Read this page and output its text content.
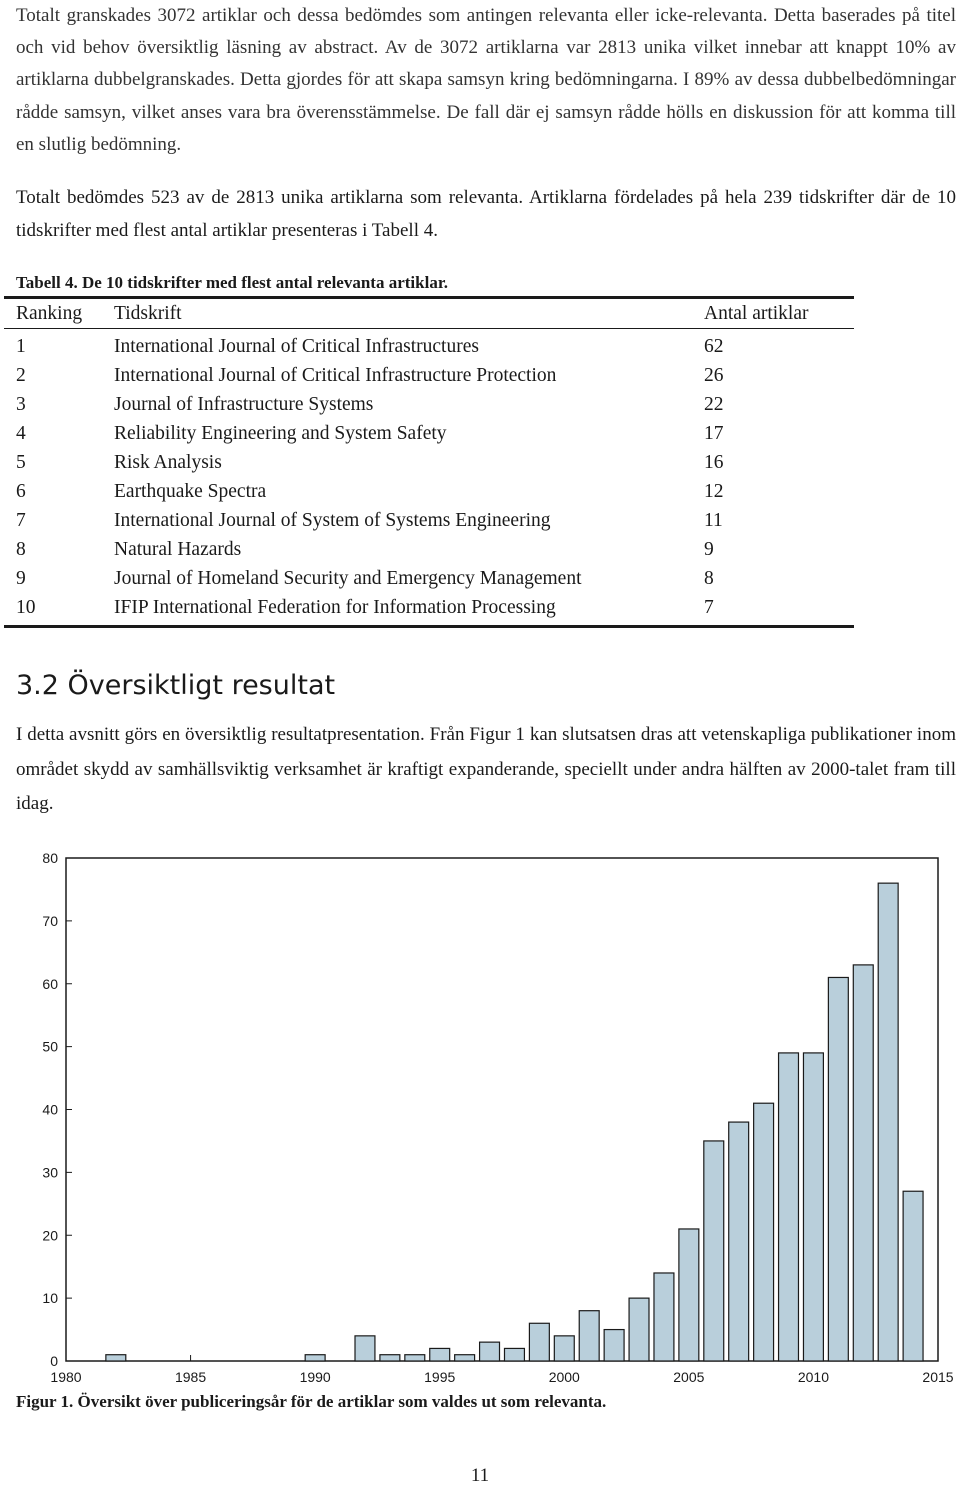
Totalt granskades 3072 artiklar och dessa bedömdes som antingen relevanta eller icke-relevanta. Detta baserades på titel och vid behov översiktlig läsning av abstract. Av de 3072 artiklarna var 2813 unika vilket innebar att knappt 10% av artiklarna dubbelgranskades. Detta gjordes för att skapa samsyn kring bedömningarna. I 89% av dessa dubbelbedömningar rådde samsyn, vilket anses vara bra överensstämmelse. De fall där ej samsyn rådde hölls en diskussion för att komma till en slutlig bedömning.

Totalt bedömdes 523 av de 2813 unika artiklarna som relevanta. Artiklarna fördelades på hela 239 tidskrifter där de 10 tidskrifter med flest antal artiklar presenteras i Tabell 4.

Tabell 4. De 10 tidskrifter med flest antal relevanta artiklar.

Ranking	Tidskrift	Antal artiklar
1	International Journal of Critical Infrastructures	62
2	International Journal of Critical Infrastructure Protection	26
3	Journal of Infrastructure Systems	22
4	Reliability Engineering and System Safety	17
5	Risk Analysis	16
6	Earthquake Spectra	12
7	International Journal of System of Systems Engineering	11
8	Natural Hazards	9
9	Journal of Homeland Security and Emergency Management	8
10	IFIP International Federation for Information Processing	7
3.2 Översiktligt resultat

I detta avsnitt görs en översiktlig resultatpresentation. Från Figur 1 kan slutsatsen dras att vetenskapliga publikationer inom området skydd av samhällsviktig verksamhet är kraftigt expanderande, speciellt under andra hälften av 2000-talet fram till idag.

0
10
20
30
40
50
60
70
80
1980	1985	1990	1995	2000	2005	2010	2015

Figur 1. Översikt över publiceringsår för de artiklar som valdes ut som relevanta.

11
